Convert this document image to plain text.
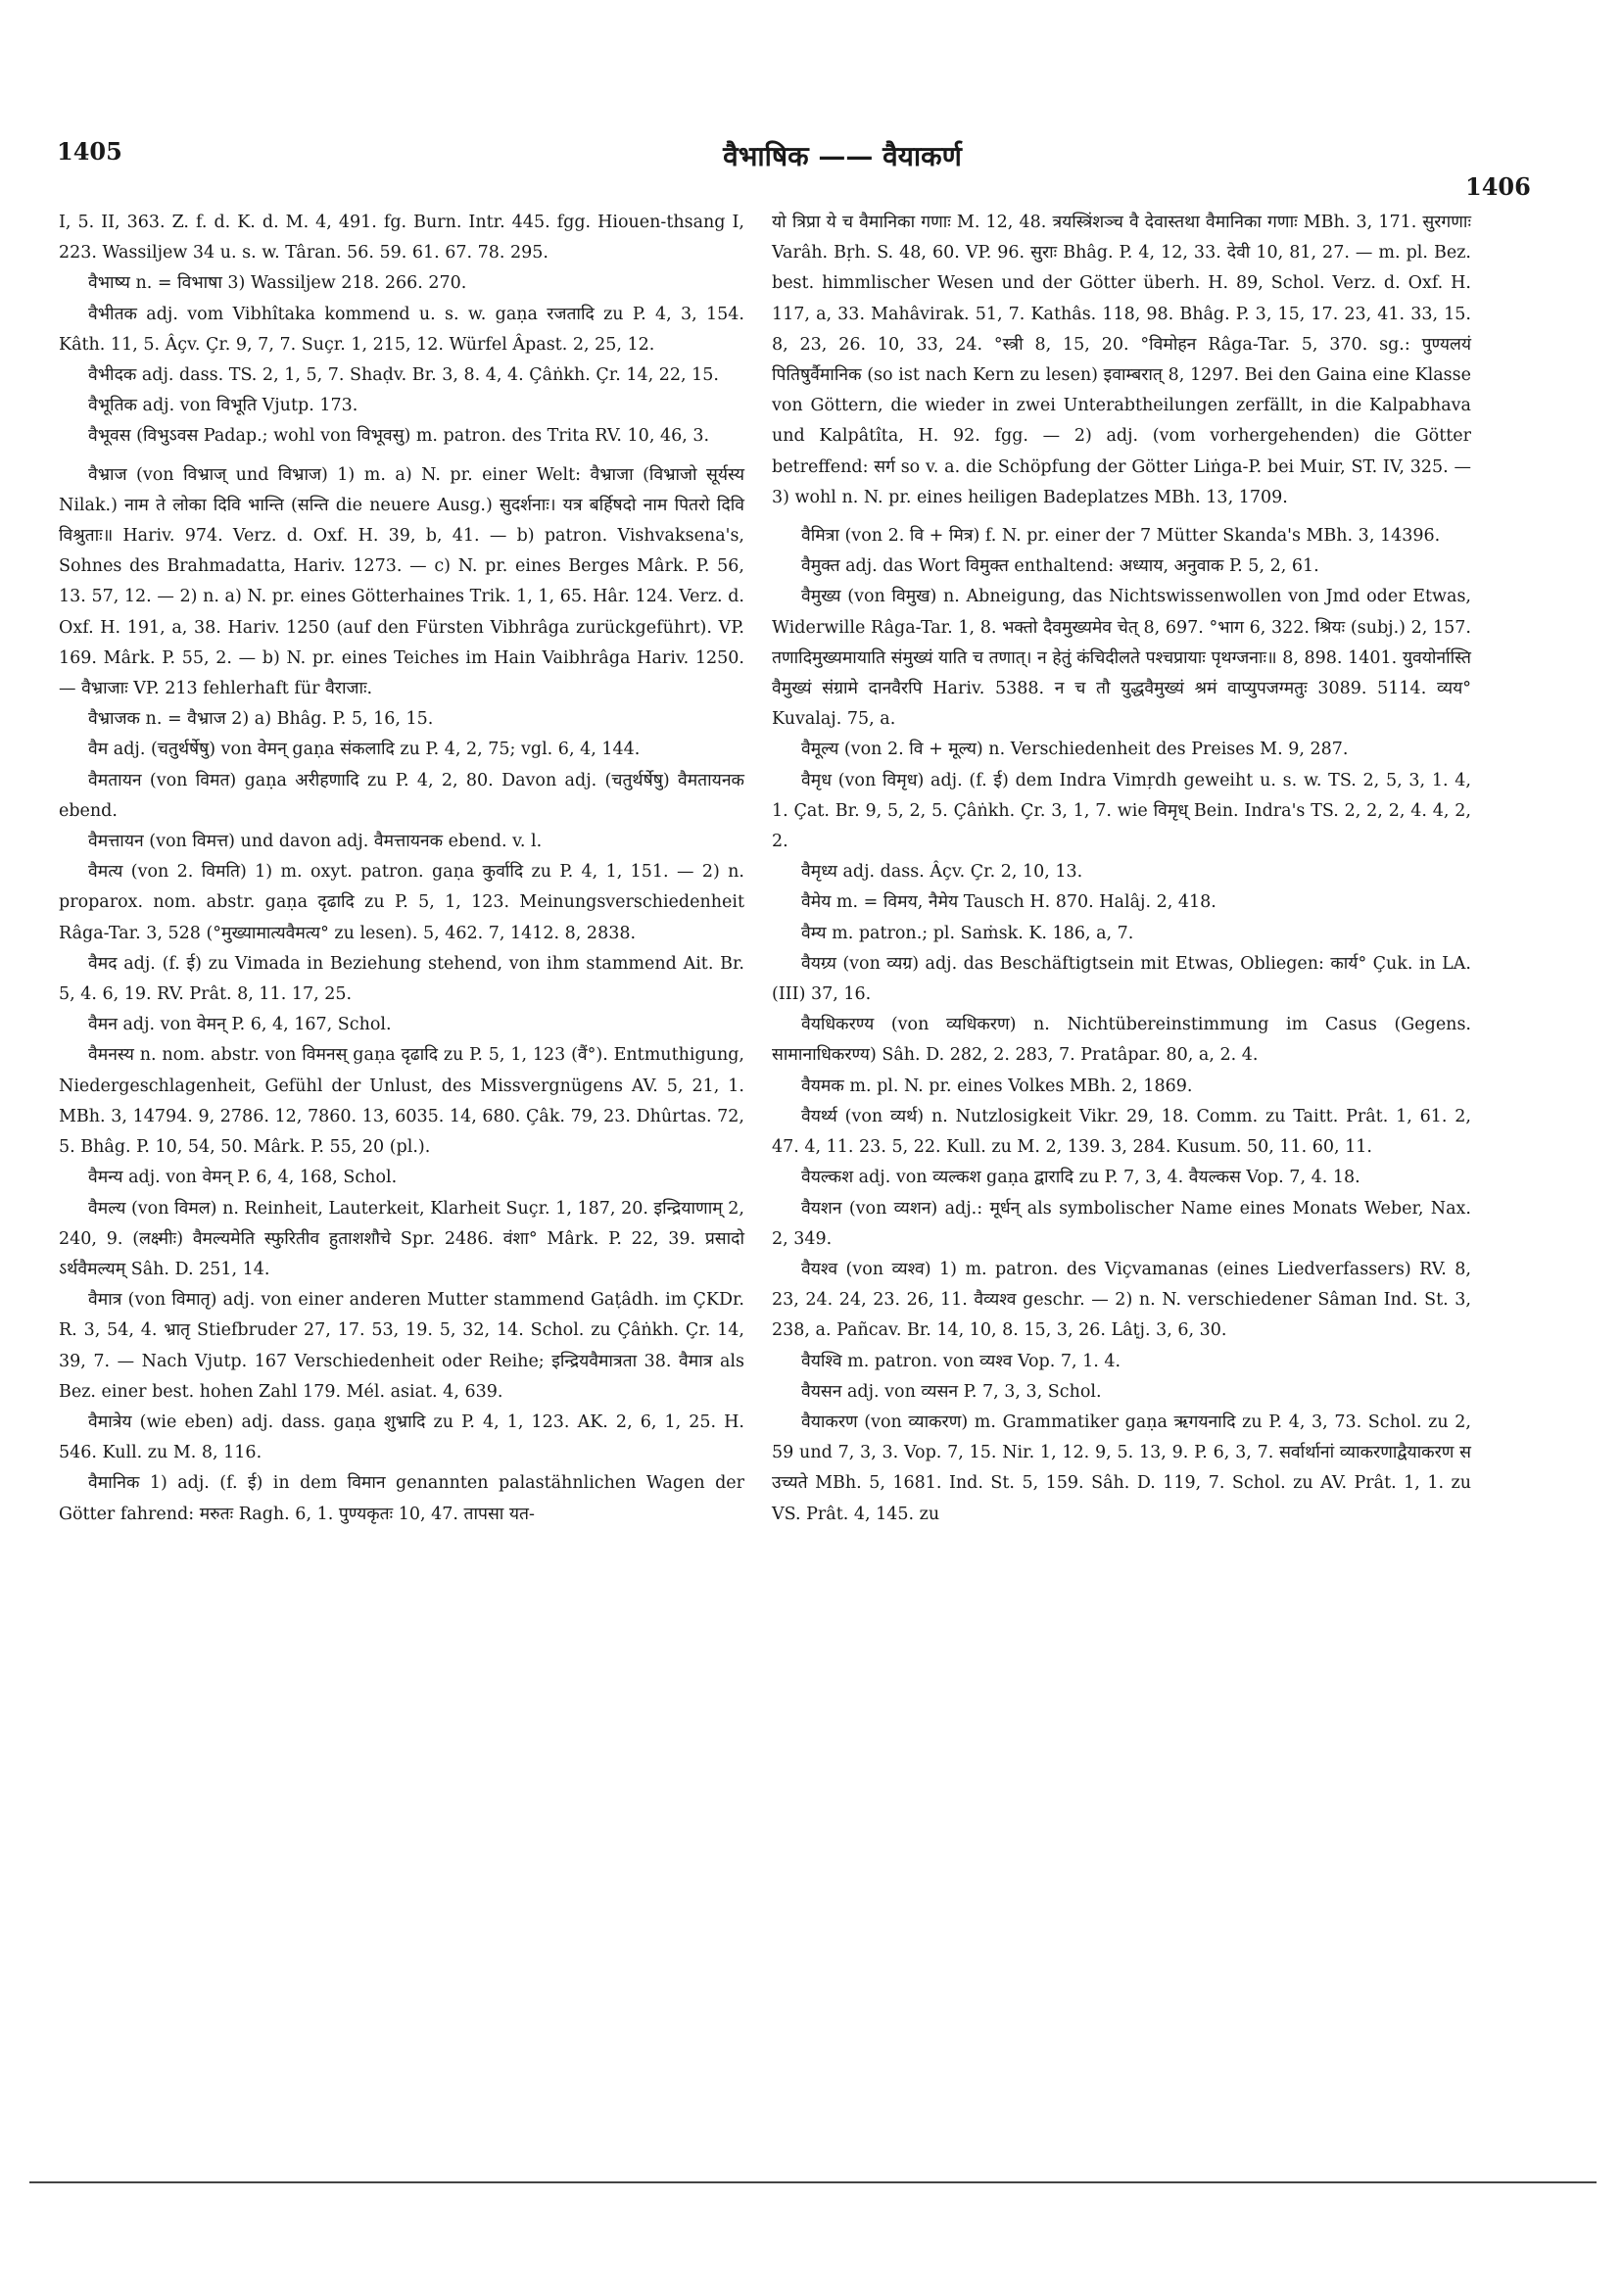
1405	वैभाषिक —— वैयाकर्ण
1406

I, 5. II, 363. Z. f. d. K. d. M. 4, 491. fg. Burn. Intr. 445. fgg. Hiouen-thsang I, 223. Wassiljew 34 u. s. w. Târan. 56. 59. 61. 67. 78. 295.

वैभाष्य n. = विभाषा 3) Wassiljew 218. 266. 270.

वैभीतक adj. vom Vibhîtaka kommend u. s. w. gaṇa रजतादि zu P. 4, 3, 154. Kâth. 11, 5. Âçv. Çr. 9, 7, 7. Suçr. 1, 215, 12. Würfel Âpast. 2, 25, 12.

वैभीदक adj. dass. TS. 2, 1, 5, 7. Shaḍv. Br. 3, 8. 4, 4. Çâṅkh. Çr. 14, 22, 15.

वैभूतिक adj. von विभूति Vjutp. 173.

वैभूवस (विभुऽवस Padap.; wohl von विभूवसु) m. patron. des Trita RV. 10, 46, 3.

वैभ्राज (von विभ्राज् und विभ्राज) 1) m. a) N. pr. einer Welt: वैभ्राजा (विभ्राजो सूर्यस्य Nilak.) नाम ते लोका दिवि भान्ति (सन्ति die neuere Ausg.) सुदर्शनाः। यत्र बर्हिषदो नाम पितरो दिवि विश्रुताः॥ Hariv. 974. Verz. d. Oxf. H. 39, b, 41. — b) patron. Vishvaksena's, Sohnes des Brahmadatta, Hariv. 1273. — c) N. pr. eines Berges Mârk. P. 56, 13. 57, 12. — 2) n. a) N. pr. eines Götterhaines Trik. 1, 1, 65. Hâr. 124. Verz. d. Oxf. H. 191, a, 38. Hariv. 1250 (auf den Fürsten Vibhrâga zurückgeführt). VP. 169. Mârk. P. 55, 2. — b) N. pr. eines Teiches im Hain Vaibhrâga Hariv. 1250. — वैभ्राजाः VP. 213 fehlerhaft für वैराजाः.

वैभ्राजक n. = वैभ्राज 2) a) Bhâg. P. 5, 16, 15.

वैम adj. (चतुर्थर्षेषु) von वेमन् gaṇa संकलादि zu P. 4, 2, 75; vgl. 6, 4, 144.

वैमतायन (von विमत) gaṇa अरीहणादि zu P. 4, 2, 80. Davon adj. (चतुर्थर्षेषु) वैमतायनक ebend.

वैमत्तायन (von विमत्त) und davon adj. वैमत्तायनक ebend. v. l.

वैमत्य (von 2. विमति) 1) m. oxyt. patron. gaṇa कुर्वादि zu P. 4, 1, 151. — 2) n. proparox. nom. abstr. gaṇa दृढादि zu P. 5, 1, 123. Meinungsverschiedenheit Râga-Tar. 3, 528 (°मुख्यामात्यवैमत्य° zu lesen). 5, 462. 7, 1412. 8, 2838.

वैमद adj. (f. ई) zu Vimada in Beziehung stehend, von ihm stammend Ait. Br. 5, 4. 6, 19. RV. Prât. 8, 11. 17, 25.

वैमन adj. von वेमन् P. 6, 4, 167, Schol.

वैमनस्य n. nom. abstr. von विमनस् gaṇa दृढादि zu P. 5, 1, 123 (वैं°). Entmuthigung, Niedergeschlagenheit, Gefühl der Unlust, des Missvergnügens AV. 5, 21, 1. MBh. 3, 14794. 9, 2786. 12, 7860. 13, 6035. 14, 680. Çâk. 79, 23. Dhûrtas. 72, 5. Bhâg. P. 10, 54, 50. Mârk. P. 55, 20 (pl.).

वैमन्य adj. von वेमन् P. 6, 4, 168, Schol.

वैमल्य (von विमल) n. Reinheit, Lauterkeit, Klarheit Suçr. 1, 187, 20. इन्द्रियाणाम् 2, 240, 9. (लक्ष्मीः) वैमल्यमेति स्फुरितीव हुताशशौचे Spr. 2486. वंशा° Mârk. P. 22, 39. प्रसादो ऽर्थवैमल्यम् Sâh. D. 251, 14.

वैमात्र (von विमातृ) adj. von einer anderen Mutter stammend Gaṭâdh. im ÇKDr. R. 3, 54, 4. भ्रातृ Stiefbruder 27, 17. 53, 19. 5, 32, 14. Schol. zu Çâṅkh. Çr. 14, 39, 7. — Nach Vjutp. 167 Verschiedenheit oder Reihe; इन्द्रियवैमात्रता 38. वैमात्र als Bez. einer best. hohen Zahl 179. Mél. asiat. 4, 639.

वैमात्रेय (wie eben) adj. dass. gaṇa शुभ्रादि zu P. 4, 1, 123. AK. 2, 6, 1, 25. H. 546. Kull. zu M. 8, 116.

वैमानिक 1) adj. (f. ई) in dem विमान genannten palastähnlichen Wagen der Götter fahrend: मरुतः Ragh. 6, 1. पुण्यकृतः 10, 47. तापसा यत-

यो त्रिप्रा ये च वैमानिका गणाः M. 12, 48. त्रयस्त्रिंशञ्च वै देवास्तथा वैमानिका गणाः MBh. 3, 171. सुरगणाः Varâh. Bṛh. S. 48, 60. VP. 96. सुराः Bhâg. P. 4, 12, 33. देवी 10, 81, 27. — m. pl. Bez. best. himmlischer Wesen und der Götter überh. H. 89, Schol. Verz. d. Oxf. H. 117, a, 33. Mahâvirak. 51, 7. Kathâs. 118, 98. Bhâg. P. 3, 15, 17. 23, 41. 33, 15. 8, 23, 26. 10, 33, 24. °स्त्री 8, 15, 20. °विमोहन Râga-Tar. 5, 370. sg.: पुण्यलयं पितिषुर्वैमानिक (so ist nach Kern zu lesen) इवाम्बरात् 8, 1297. Bei den Gaina eine Klasse von Göttern, die wieder in zwei Unterabtheilungen zerfällt, in die Kalpabhava und Kalpâtîta, H. 92. fgg. — 2) adj. (vom vorhergehenden) die Götter betreffend: सर्ग so v. a. die Schöpfung der Götter Liṅga-P. bei Muir, ST. IV, 325. — 3) wohl n. N. pr. eines heiligen Badeplatzes MBh. 13, 1709.

वैमित्रा (von 2. वि + मित्र) f. N. pr. einer der 7 Mütter Skanda's MBh. 3, 14396.

वैमुक्त adj. das Wort विमुक्त enthaltend: अध्याय, अनुवाक P. 5, 2, 61.

वैमुख्य (von विमुख) n. Abneigung, das Nichtswissenwollen von Jmd oder Etwas, Widerwille Râga-Tar. 1, 8. भक्तो दैवमुख्यमेव चेत् 8, 697. °भाग 6, 322. श्रियः (subj.) 2, 157. तणादिमुख्यमायाति संमुख्यं याति च तणात्। न हेतुं कंचिदीलते पश्चप्रायाः पृथग्जनाः॥ 8, 898. 1401. युवयोर्नास्ति वैमुख्यं संग्रामे दानवैरपि Hariv. 5388. न च तौ युद्धवैमुख्यं श्रमं वाप्युपजग्मतुः 3089. 5114. व्यय° Kuvalaj. 75, a.

वैमूल्य (von 2. वि + मूल्य) n. Verschiedenheit des Preises M. 9, 287.

वैमृध (von विमृध) adj. (f. ई) dem Indra Vimṛdh geweiht u. s. w. TS. 2, 5, 3, 1. 4, 1. Çat. Br. 9, 5, 2, 5. Çâṅkh. Çr. 3, 1, 7. wie विमृध् Bein. Indra's TS. 2, 2, 2, 4. 4, 2, 2.

वैमृध्य adj. dass. Âçv. Çr. 2, 10, 13.

वैमेय m. = विमय, नैमेय Tausch H. 870. Halâj. 2, 418.

वैम्य m. patron.; pl. Saṁsk. K. 186, a, 7.

वैयग्र्य (von व्यग्र) adj. das Beschäftigtsein mit Etwas, Obliegen: कार्य° Çuk. in LA. (III) 37, 16.

वैयधिकरण्य (von व्यधिकरण) n. Nichtübereinstimmung im Casus (Gegens. सामानाधिकरण्य) Sâh. D. 282, 2. 283, 7. Pratâpar. 80, a, 2. 4.

वैयमक m. pl. N. pr. eines Volkes MBh. 2, 1869.

वैयर्थ्य (von व्यर्थ) n. Nutzlosigkeit Vikr. 29, 18. Comm. zu Taitt. Prât. 1, 61. 2, 47. 4, 11. 23. 5, 22. Kull. zu M. 2, 139. 3, 284. Kusum. 50, 11. 60, 11.

वैयल्कश adj. von व्यल्कश gaṇa द्वारादि zu P. 7, 3, 4. वैयल्कस Vop. 7, 4. 18.

वैयशन (von व्यशन) adj.: मूर्धन् als symbolischer Name eines Monats Weber, Nax. 2, 349.

वैयश्व (von व्यश्व) 1) m. patron. des Viçvamanas (eines Liedverfassers) RV. 8, 23, 24. 24, 23. 26, 11. वैव्यश्व geschr. — 2) n. N. verschiedener Sâman Ind. St. 3, 238, a. Pañcav. Br. 14, 10, 8. 15, 3, 26. Lâṭj. 3, 6, 30.

वैयश्वि m. patron. von व्यश्व Vop. 7, 1. 4.

वैयसन adj. von व्यसन P. 7, 3, 3, Schol.

वैयाकरण (von व्याकरण) m. Grammatiker gaṇa ऋगयनादि zu P. 4, 3, 73. Schol. zu 2, 59 und 7, 3, 3. Vop. 7, 15. Nir. 1, 12. 9, 5. 13, 9. P. 6, 3, 7. सर्वार्थानां व्याकरणाद्वैयाकरण स उच्यते MBh. 5, 1681. Ind. St. 5, 159. Sâh. D. 119, 7. Schol. zu AV. Prât. 1, 1. zu VS. Prât. 4, 145. zu
